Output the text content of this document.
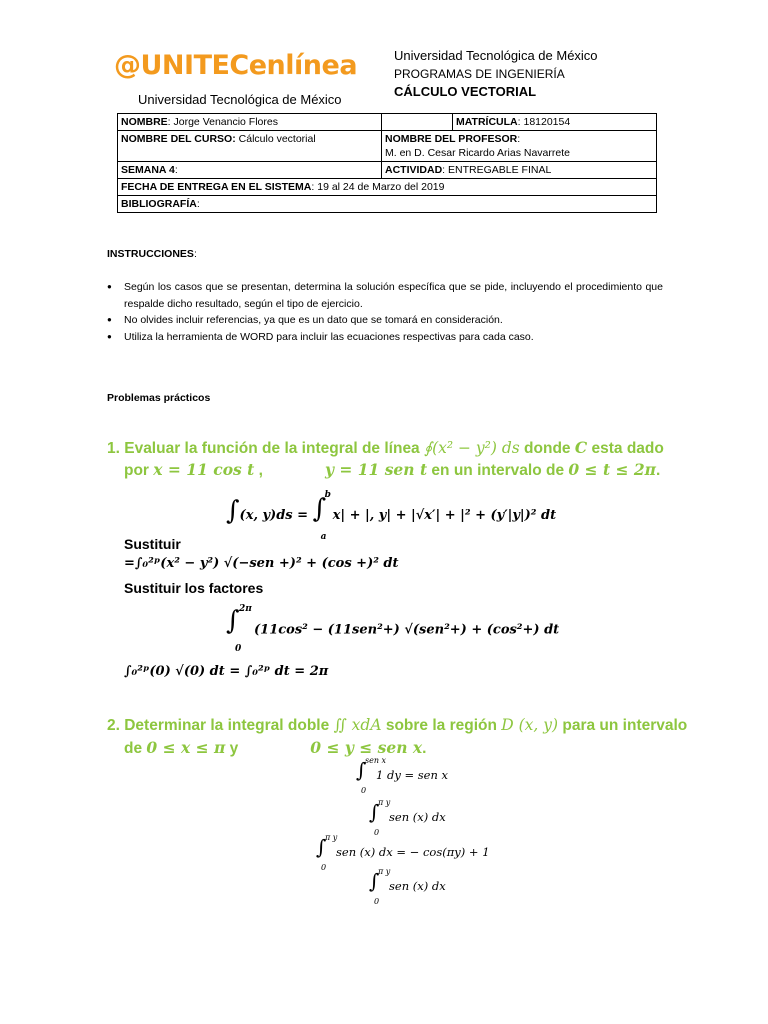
@UNITECenlínea
Universidad Tecnológica de México
Universidad Tecnológica de México
PROGRAMAS DE INGENIERÍA
CÁLCULO VECTORIAL
NOMBRE: Jorge Venancio Flores		MATRÍCULA: 18120154
NOMBRE DEL CURSO: Cálculo vectorial	NOMBRE DEL PROFESOR:
M. en D. Cesar Ricardo Arias Navarrete	
SEMANA 4:	ACTIVIDAD: ENTREGABLE FINAL	
FECHA DE ENTREGA EN EL SISTEMA: 19 al 24 de Marzo del 2019		
BIBLIOGRAFÍA:		
INSTRUCCIONES:
● Según los casos que se presentan, determina la solución específica que se pide, incluyendo el procedimiento que respalde dicho resultado, según el tipo de ejercicio.
● No olvides incluir referencias, ya que es un dato que se tomará en consideración.
● Utiliza la herramienta de WORD para incluir las ecuaciones respectivas para cada caso.
Problemas prácticos
1. Evaluar la función de la integral de línea ∮(x² − y²) ds donde C esta dado
por x = 11 cos t ,	y = 11 sen t en un intervalo de 0 ≤ t ≤ 2π.
∫(x, y)ds = ∫
b
a
x| + |, y| + |√x′| + |² + (y′|y|)² dt
Sustituir
=∫₀²ᵖ(x² − y²) √(−sen +)² + (cos +)² dt
Sustituir los factores
∫ 2π
0
(11cos² − (11sen²+) √(sen²+) + (cos²+) dt
∫₀²ᵖ(0) √(0) dt = ∫₀²ᵖ dt = 2π
2. Determinar la integral doble ∬ xdA sobre la región D (x, y) para un intervalo
de 0 ≤ x ≤ π y	0 ≤ y ≤ sen x.
∫
sen x
0
1 dy = sen x
∫
π y
0
sen (x) dx
∫
π y
0
sen (x) dx = − cos(πy) + 1
∫
π y
0
sen (x) dx
